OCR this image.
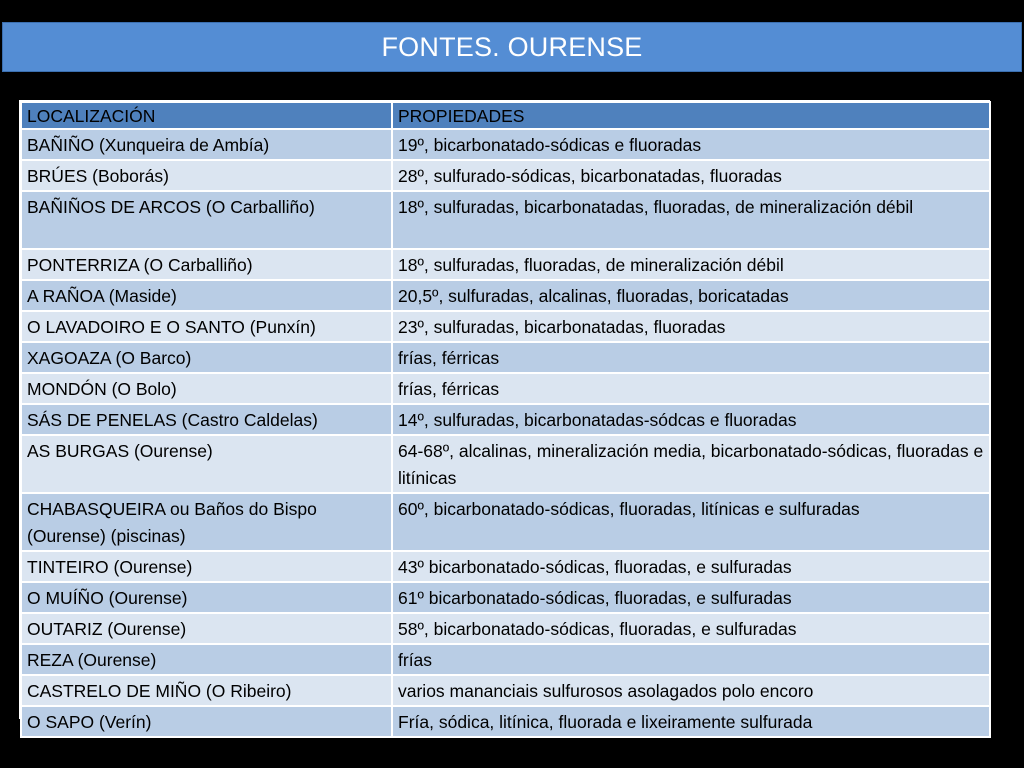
FONTES. OURENSE
LOCALIZACIÓN	PROPIEDADES
BAÑIÑO (Xunqueira de Ambía)	19º, bicarbonatado-sódicas e fluoradas
BRÚES (Boborás)	28º, sulfurado-sódicas, bicarbonatadas, fluoradas
BAÑIÑOS DE ARCOS (O Carballiño)	18º, sulfuradas, bicarbonatadas, fluoradas, de mineralización débil
PONTERRIZA (O Carballiño)	18º, sulfuradas, fluoradas, de mineralización débil
A RAÑOA (Maside)	20,5º, sulfuradas, alcalinas, fluoradas, boricatadas
O LAVADOIRO E O SANTO (Punxín)	23º, sulfuradas, bicarbonatadas, fluoradas
XAGOAZA (O Barco)	frías, férricas
MONDÓN (O Bolo)	frías, férricas
SÁS DE PENELAS (Castro Caldelas)	14º, sulfuradas, bicarbonatadas-sódcas e fluoradas
AS BURGAS (Ourense)	64-68º, alcalinas, mineralización media, bicarbonatado-sódicas, fluoradas e litínicas
CHABASQUEIRA ou Baños do Bispo (Ourense) (piscinas)	60º, bicarbonatado-sódicas, fluoradas, litínicas e sulfuradas
TINTEIRO (Ourense)	43º bicarbonatado-sódicas, fluoradas, e sulfuradas
O MUÍÑO (Ourense)	61º bicarbonatado-sódicas, fluoradas, e sulfuradas
OUTARIZ (Ourense)	58º, bicarbonatado-sódicas, fluoradas, e sulfuradas
REZA (Ourense)	frías
CASTRELO DE MIÑO (O Ribeiro)	varios mananciais sulfurosos asolagados polo encoro
O SAPO (Verín)	Fría, sódica, litínica, fluorada e lixeiramente sulfurada
